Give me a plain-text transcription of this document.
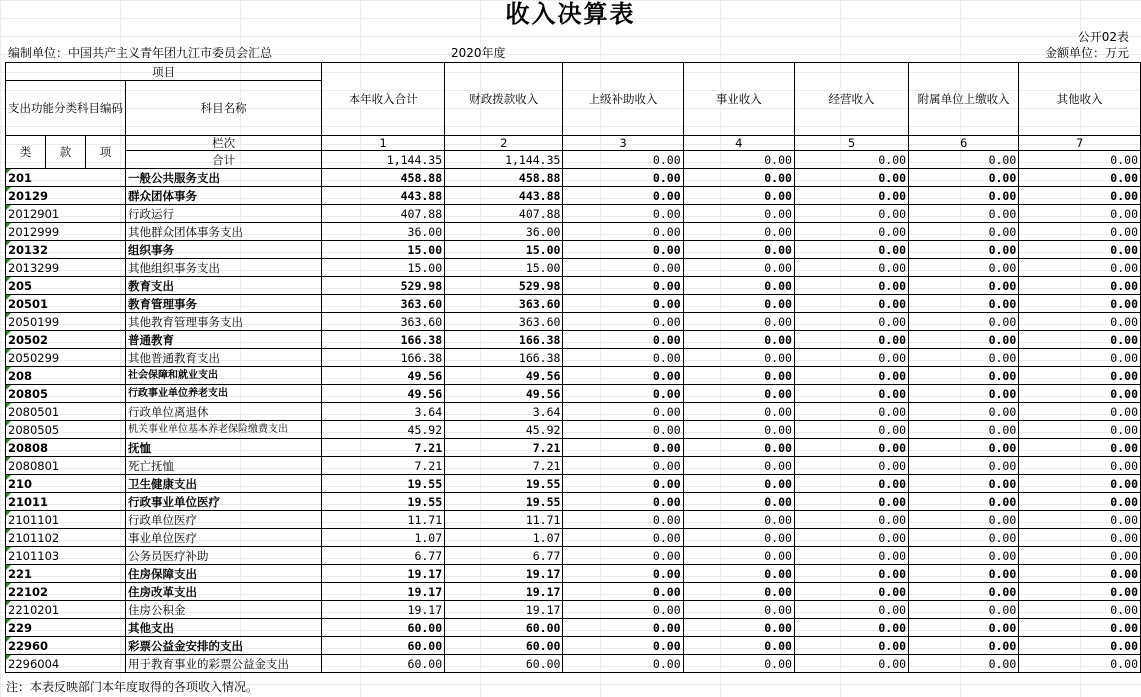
收入决算表
公开02表
编制单位：中国共产主义青年团九江市委员会汇总	2020年度	金额单位：万元
项目				本年收入合计	财政拨款收入	上级补助收入	事业收入	经营收入	附属单位上缴收入	其他收入
支出功能分类科目编码			科目名称							

类	款	项	栏次	1	2	3	4	5	6	7
			合计	1,144.35	1,144.35	0.00	0.00	0.00	0.00	0.00
201			一般公共服务支出	458.88	458.88	0.00	0.00	0.00	0.00	0.00
20129			群众团体事务	443.88	443.88	0.00	0.00	0.00	0.00	0.00
2012901			行政运行	407.88	407.88	0.00	0.00	0.00	0.00	0.00
2012999			其他群众团体事务支出	36.00	36.00	0.00	0.00	0.00	0.00	0.00
20132			组织事务	15.00	15.00	0.00	0.00	0.00	0.00	0.00
2013299			其他组织事务支出	15.00	15.00	0.00	0.00	0.00	0.00	0.00
205			教育支出	529.98	529.98	0.00	0.00	0.00	0.00	0.00
20501			教育管理事务	363.60	363.60	0.00	0.00	0.00	0.00	0.00
2050199			其他教育管理事务支出	363.60	363.60	0.00	0.00	0.00	0.00	0.00
20502			普通教育	166.38	166.38	0.00	0.00	0.00	0.00	0.00
2050299			其他普通教育支出	166.38	166.38	0.00	0.00	0.00	0.00	0.00
208			社会保障和就业支出	49.56	49.56	0.00	0.00	0.00	0.00	0.00
20805			行政事业单位养老支出	49.56	49.56	0.00	0.00	0.00	0.00	0.00
2080501			行政单位离退休	3.64	3.64	0.00	0.00	0.00	0.00	0.00
2080505			机关事业单位基本养老保险缴费支出	45.92	45.92	0.00	0.00	0.00	0.00	0.00
20808			抚恤	7.21	7.21	0.00	0.00	0.00	0.00	0.00
2080801			死亡抚恤	7.21	7.21	0.00	0.00	0.00	0.00	0.00
210			卫生健康支出	19.55	19.55	0.00	0.00	0.00	0.00	0.00
21011			行政事业单位医疗	19.55	19.55	0.00	0.00	0.00	0.00	0.00
2101101			行政单位医疗	11.71	11.71	0.00	0.00	0.00	0.00	0.00
2101102			事业单位医疗	1.07	1.07	0.00	0.00	0.00	0.00	0.00
2101103			公务员医疗补助	6.77	6.77	0.00	0.00	0.00	0.00	0.00
221			住房保障支出	19.17	19.17	0.00	0.00	0.00	0.00	0.00
22102			住房改革支出	19.17	19.17	0.00	0.00	0.00	0.00	0.00
2210201			住房公积金	19.17	19.17	0.00	0.00	0.00	0.00	0.00
229			其他支出	60.00	60.00	0.00	0.00	0.00	0.00	0.00
22960			彩票公益金安排的支出	60.00	60.00	0.00	0.00	0.00	0.00	0.00
2296004			用于教育事业的彩票公益金支出	60.00	60.00	0.00	0.00	0.00	0.00	0.00
注：本表反映部门本年度取得的各项收入情况。
